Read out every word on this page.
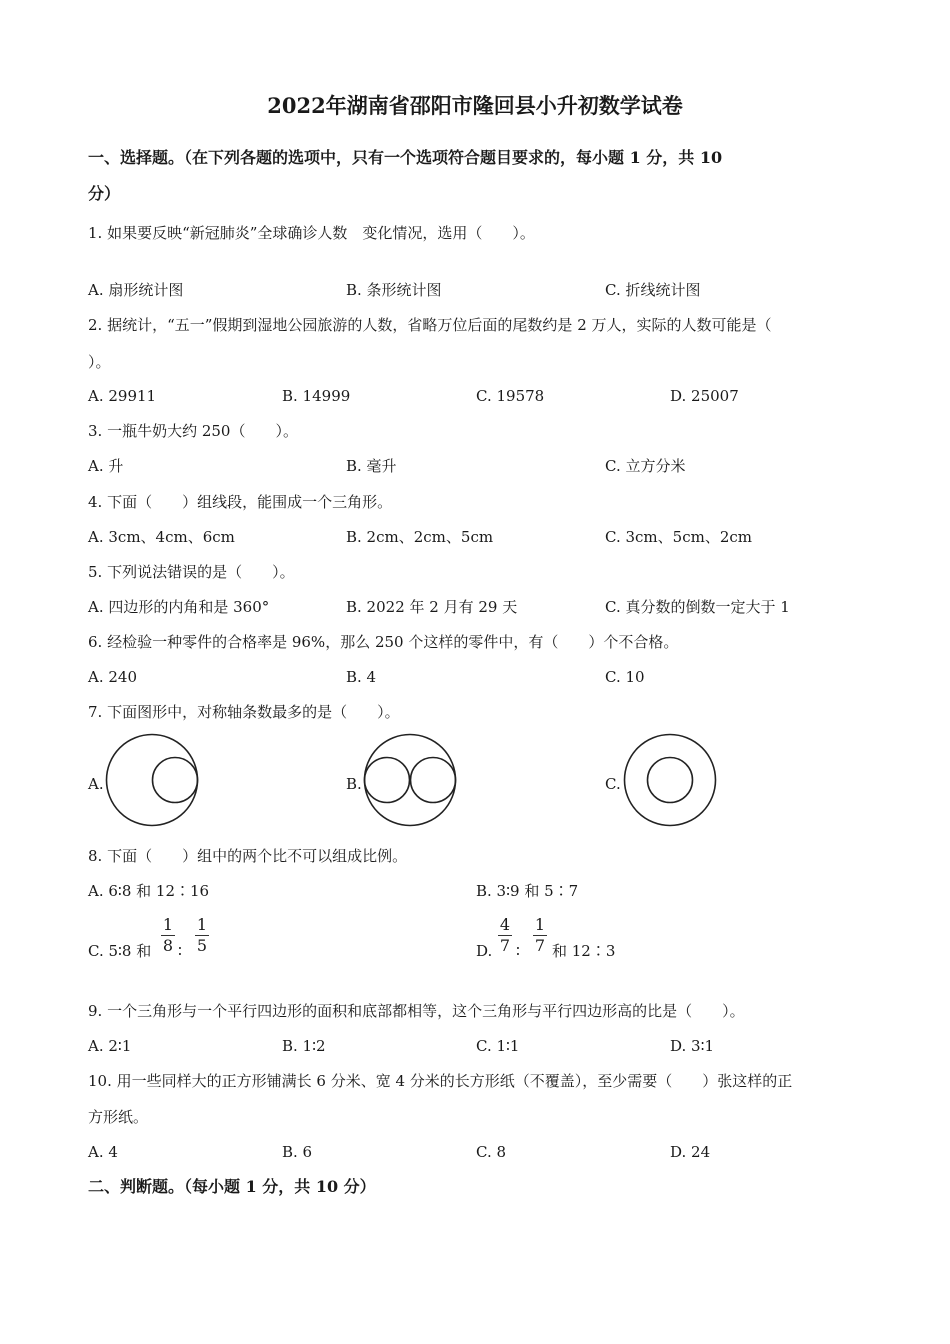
2022年湖南省邵阳市隆回县小升初数学试卷
一、选择题。（在下列各题的选项中，只有一个选项符合题目要求的，每小题 1 分，共 10
分）
1. 如果要反映“新冠肺炎”全球确诊人数　变化情况，选用（　　）。
A. 扇形统计图	B. 条形统计图	C. 折线统计图
2. 据统计，“五一”假期到湿地公园旅游的人数，省略万位后面的尾数约是 2 万人，实际的人数可能是（
）。
A. 29911	B. 14999	C. 19578	D. 25007
3. 一瓶牛奶大约 250（　　）。
A. 升	B. 毫升	C. 立方分米
4. 下面（　　）组线段，能围成一个三角形。
A. 3cm、4cm、6cm	B. 2cm、2cm、5cm	C. 3cm、5cm、2cm
5. 下列说法错误的是（　　）。
A. 四边形的内角和是 360°	B. 2022 年 2 月有 29 天	C. 真分数的倒数一定大于 1
6. 经检验一种零件的合格率是 96%，那么 250 个这样的零件中，有（　　）个不合格。
A. 240	B. 4	C. 10
7. 下面图形中，对称轴条数最多的是（　　）。
A.	B.	C.
8. 下面（　　）组中的两个比不可以组成比例。
A. 6∶8 和 12∶16	B. 3∶9 和 5∶7
C. 5∶8 和
1
8 ∶
1
5	D.
4
7 ∶
1
7 和 12∶3
9. 一个三角形与一个平行四边形的面积和底部都相等，这个三角形与平行四边形高的比是（　　）。
A. 2∶1	B. 1∶2	C. 1∶1	D. 3∶1
10. 用一些同样大的正方形铺满长 6 分米、宽 4 分米的长方形纸（不覆盖），至少需要（　　）张这样的正
方形纸。
A. 4	B. 6	C. 8	D. 24
二、判断题。（每小题 1 分，共 10 分）
